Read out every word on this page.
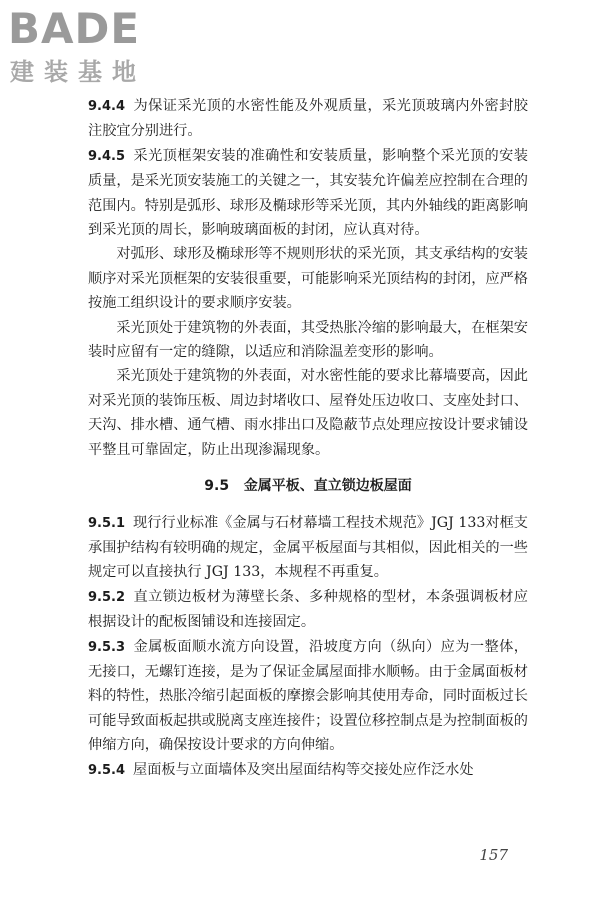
BADE
建装基地

9.4.4 为保证采光顶的水密性能及外观质量，采光顶玻璃内外密封胶注胶宜分别进行。

9.4.5 采光顶框架安装的准确性和安装质量，影响整个采光顶的安装质量，是采光顶安装施工的关键之一，其安装允许偏差应控制在合理的范围内。特别是弧形、球形及椭球形等采光顶，其内外轴线的距离影响到采光顶的周长，影响玻璃面板的封闭，应认真对待。

对弧形、球形及椭球形等不规则形状的采光顶，其支承结构的安装顺序对采光顶框架的安装很重要，可能影响采光顶结构的封闭，应严格按施工组织设计的要求顺序安装。

采光顶处于建筑物的外表面，其受热胀冷缩的影响最大，在框架安装时应留有一定的缝隙，以适应和消除温差变形的影响。

采光顶处于建筑物的外表面，对水密性能的要求比幕墙要高，因此对采光顶的装饰压板、周边封堵收口、屋脊处压边收口、支座处封口、天沟、排水槽、通气槽、雨水排出口及隐蔽节点处理应按设计要求铺设平整且可靠固定，防止出现渗漏现象。

9.5 金属平板、直立锁边板屋面

9.5.1 现行行业标准《金属与石材幕墙工程技术规范》JGJ 133对框支承围护结构有较明确的规定，金属平板屋面与其相似，因此相关的一些规定可以直接执行 JGJ 133，本规程不再重复。

9.5.2 直立锁边板材为薄壁长条、多种规格的型材，本条强调板材应根据设计的配板图铺设和连接固定。

9.5.3 金属板面顺水流方向设置，沿坡度方向（纵向）应为一整体，无接口，无螺钉连接，是为了保证金属屋面排水顺畅。由于金属面板材料的特性，热胀冷缩引起面板的摩擦会影响其使用寿命，同时面板过长可能导致面板起拱或脱离支座连接件；设置位移控制点是为控制面板的伸缩方向，确保按设计要求的方向伸缩。

9.5.4 屋面板与立面墙体及突出屋面结构等交接处应作泛水处

157
